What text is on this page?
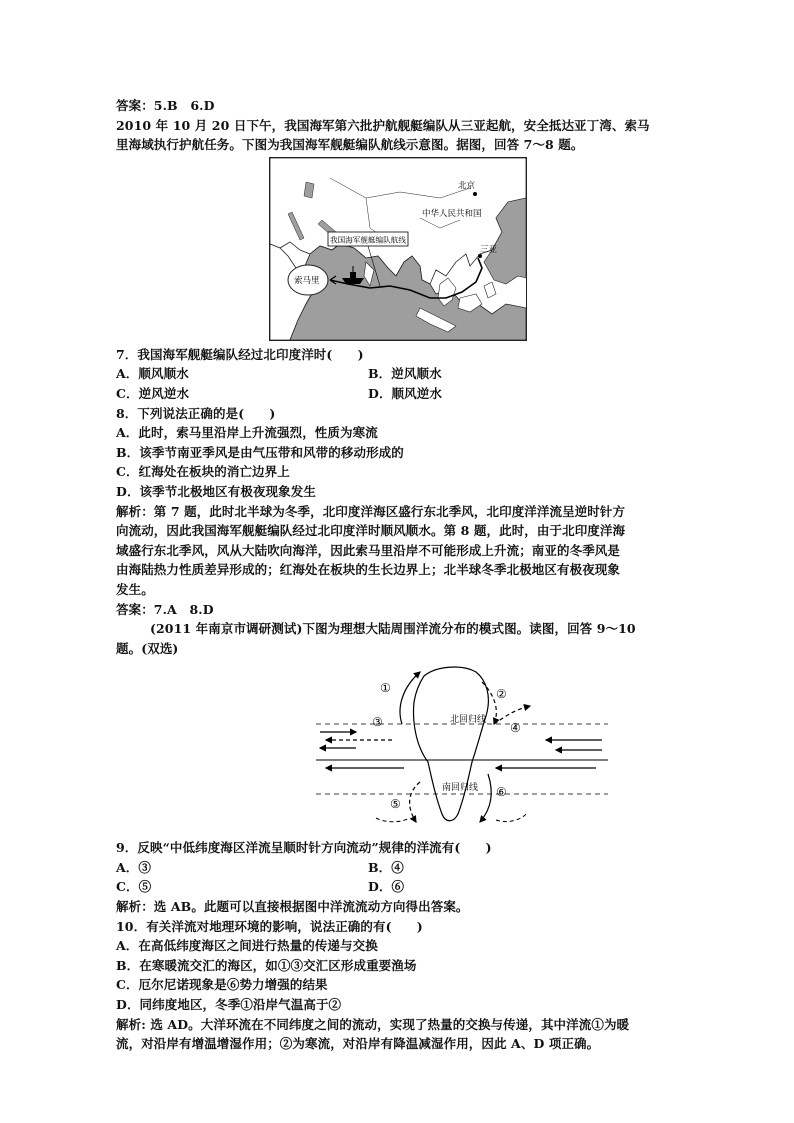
答案：5.B　6.D
2010 年 10 月 20 日下午，我国海军第六批护航舰艇编队从三亚起航，安全抵达亚丁湾、索马
里海域执行护航任务。下图为我国海军舰艇编队航线示意图。据图，回答 7～8 题。
我国海军舰艇编队航线
北京
中华人民共和国
三亚
索马里
7．我国海军舰艇编队经过北印度洋时(　　)
A．顺风顺水	B．逆风顺水
C．逆风逆水	D．顺风逆水
8．下列说法正确的是(　　)
A．此时，索马里沿岸上升流强烈，性质为寒流
B．该季节南亚季风是由气压带和风带的移动形成的
C．红海处在板块的消亡边界上
D．该季节北极地区有极夜现象发生
解析：第 7 题，此时北半球为冬季，北印度洋海区盛行东北季风，北印度洋洋流呈逆时针方
向流动，因此我国海军舰艇编队经过北印度洋时顺风顺水。第 8 题，此时，由于北印度洋海
域盛行东北季风，风从大陆吹向海洋，因此索马里沿岸不可能形成上升流；南亚的冬季风是
由海陆热力性质差异形成的；红海处在板块的生长边界上；北半球冬季北极地区有极夜现象
发生。
答案：7.A　8.D
(2011 年南京市调研测试)下图为理想大陆周围洋流分布的模式图。读图，回答 9～10
题。(双选)
北回归线
南回归线
①	②
③	④
⑤
⑥
9．反映“中低纬度海区洋流呈顺时针方向流动”规律的洋流有(　　)
A．③	B．④
C．⑤	D．⑥
解析：选 AB。此题可以直接根据图中洋流流动方向得出答案。
10．有关洋流对地理环境的影响，说法正确的有(　　)
A．在高低纬度海区之间进行热量的传递与交换
B．在寒暖流交汇的海区，如①③交汇区形成重要渔场
C．厄尔尼诺现象是⑥势力增强的结果
D．同纬度地区，冬季①沿岸气温高于②
解析: 选 AD。大洋环流在不同纬度之间的流动，实现了热量的交换与传递，其中洋流①为暖
流，对沿岸有增温增湿作用；②为寒流，对沿岸有降温减湿作用，因此 A、D 项正确。
